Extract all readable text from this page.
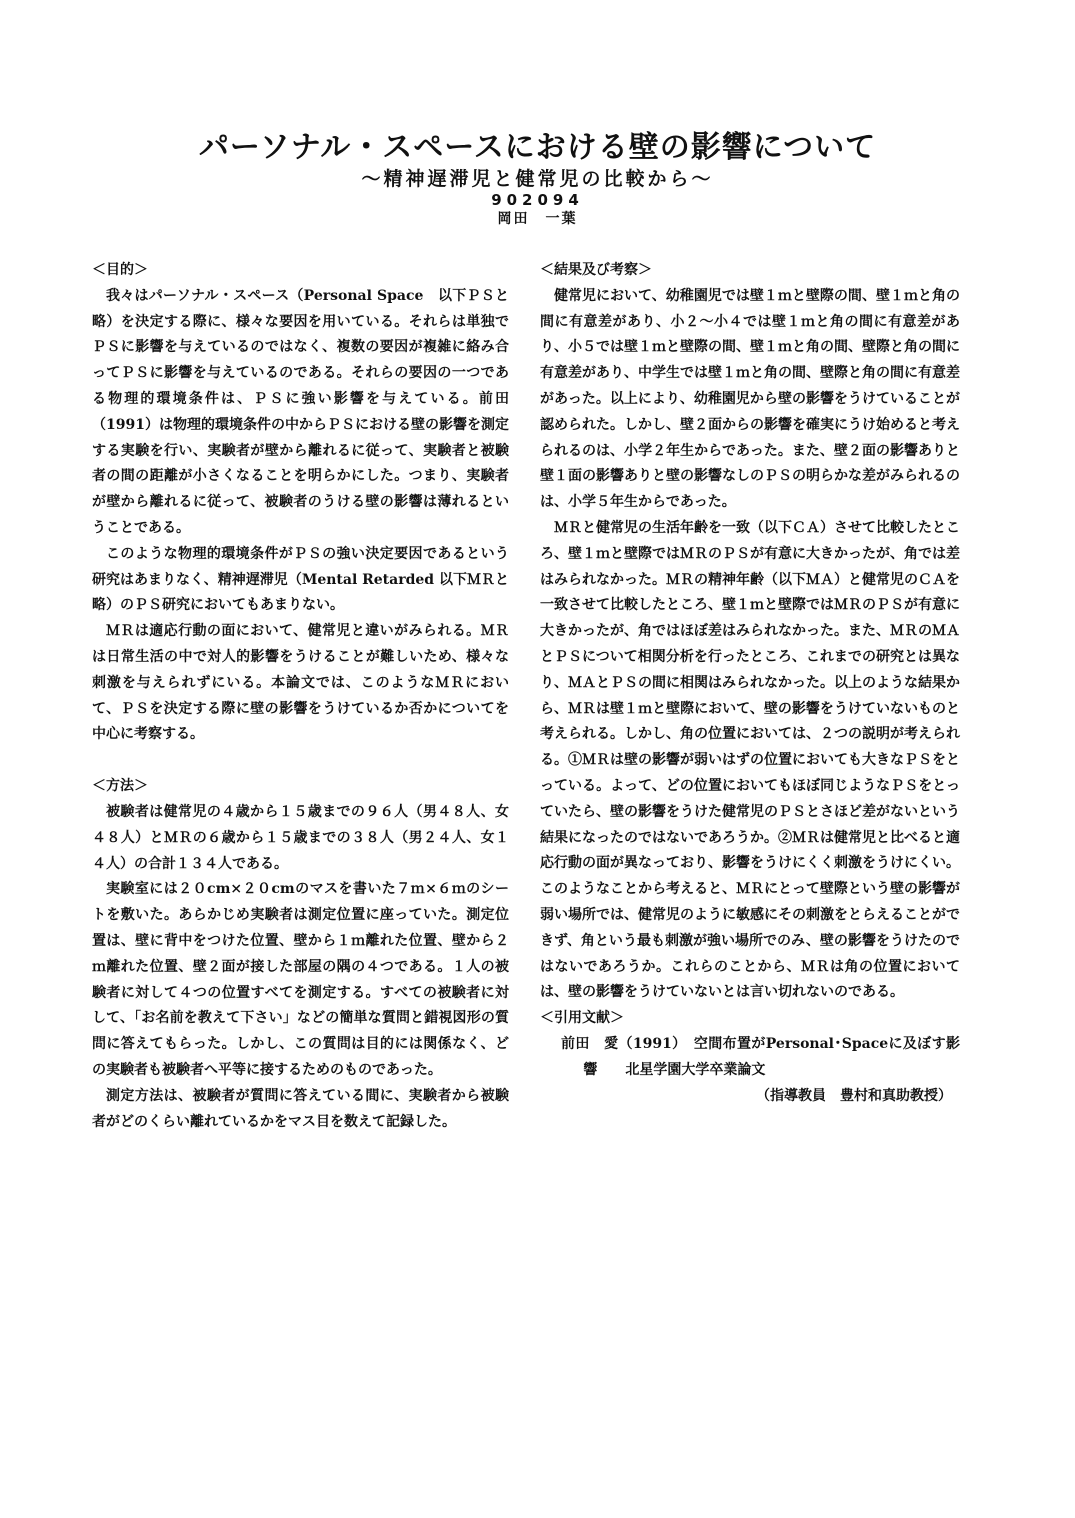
パーソナル・スペースにおける壁の影響について
〜精神遅滞児と健常児の比較から〜
902094
岡田　一葉

＜目的＞

我々はパーソナル・スペース（Personal Space　以下ＰＳと略）を決定する際に、様々な要因を用いている。それらは単独でＰＳに影響を与えているのではなく、複数の要因が複雑に絡み合ってＰＳに影響を与えているのである。それらの要因の一つである物理的環境条件は、ＰＳに強い影響を与えている。前田（1991）は物理的環境条件の中からＰＳにおける壁の影響を測定する実験を行い、実験者が壁から離れるに従って、実験者と被験者の間の距離が小さくなることを明らかにした。つまり、実験者が壁から離れるに従って、被験者のうける壁の影響は薄れるということである。

このような物理的環境条件がＰＳの強い決定要因であるという研究はあまりなく、精神遅滞児（Mental Retarded 以下ＭＲと略）のＰＳ研究においてもあまりない。

ＭＲは適応行動の面において、健常児と違いがみられる。ＭＲは日常生活の中で対人的影響をうけることが難しいため、様々な刺激を与えられずにいる。本論文では、このようなＭＲにおいて、ＰＳを決定する際に壁の影響をうけているか否かについてを中心に考察する。

＜方法＞

被験者は健常児の４歳から１５歳までの９６人（男４８人、女４８人）とＭＲの６歳から１５歳までの３８人（男２４人、女１４人）の合計１３４人である。

実験室には２０cm×２０cmのマスを書いた７ｍ×６ｍのシートを敷いた。あらかじめ実験者は測定位置に座っていた。測定位置は、壁に背中をつけた位置、壁から１ｍ離れた位置、壁から２ｍ離れた位置、壁２面が接した部屋の隅の４つである。１人の被験者に対して４つの位置すべてを測定する。すべての被験者に対して、「お名前を教えて下さい」などの簡単な質問と錯視図形の質問に答えてもらった。しかし、この質問は目的には関係なく、どの実験者も被験者へ平等に接するためのものであった。

測定方法は、被験者が質問に答えている間に、実験者から被験者がどのくらい離れているかをマス目を数えて記録した。

＜結果及び考察＞

健常児において、幼稚園児では壁１ｍと壁際の間、壁１ｍと角の間に有意差があり、小２〜小４では壁１ｍと角の間に有意差があり、小５では壁１ｍと壁際の間、壁１ｍと角の間、壁際と角の間に有意差があり、中学生では壁１ｍと角の間、壁際と角の間に有意差があった。以上により、幼稚園児から壁の影響をうけていることが認められた。しかし、壁２面からの影響を確実にうけ始めると考えられるのは、小学２年生からであった。また、壁２面の影響ありと壁１面の影響ありと壁の影響なしのＰＳの明らかな差がみられるのは、小学５年生からであった。

ＭＲと健常児の生活年齢を一致（以下ＣＡ）させて比較したところ、壁１ｍと壁際ではＭＲのＰＳが有意に大きかったが、角では差はみられなかった。ＭＲの精神年齢（以下ＭＡ）と健常児のＣＡを一致させて比較したところ、壁１ｍと壁際ではＭＲのＰＳが有意に大きかったが、角ではほぼ差はみられなかった。また、ＭＲのＭＡとＰＳについて相関分析を行ったところ、これまでの研究とは異なり、ＭＡとＰＳの間に相関はみられなかった。以上のような結果から、ＭＲは壁１ｍと壁際において、壁の影響をうけていないものと考えられる。しかし、角の位置においては、２つの説明が考えられる。①ＭＲは壁の影響が弱いはずの位置においても大きなＰＳをとっている。よって、どの位置においてもほぼ同じようなＰＳをとっていたら、壁の影響をうけた健常児のＰＳとさほど差がないという結果になったのではないであろうか。②ＭＲは健常児と比べると適応行動の面が異なっており、影響をうけにくく刺激をうけにくい。このようなことから考えると、ＭＲにとって壁際という壁の影響が弱い場所では、健常児のように敏感にその刺激をとらえることができず、角という最も刺激が強い場所でのみ、壁の影響をうけたのではないであろうか。これらのことから、ＭＲは角の位置においては、壁の影響をうけていないとは言い切れないのである。

＜引用文献＞

前田　愛（1991）　空間布置がPersonal･Spaceに及ぼす影響　　北星学園大学卒業論文

（指導教員　豊村和真助教授）
